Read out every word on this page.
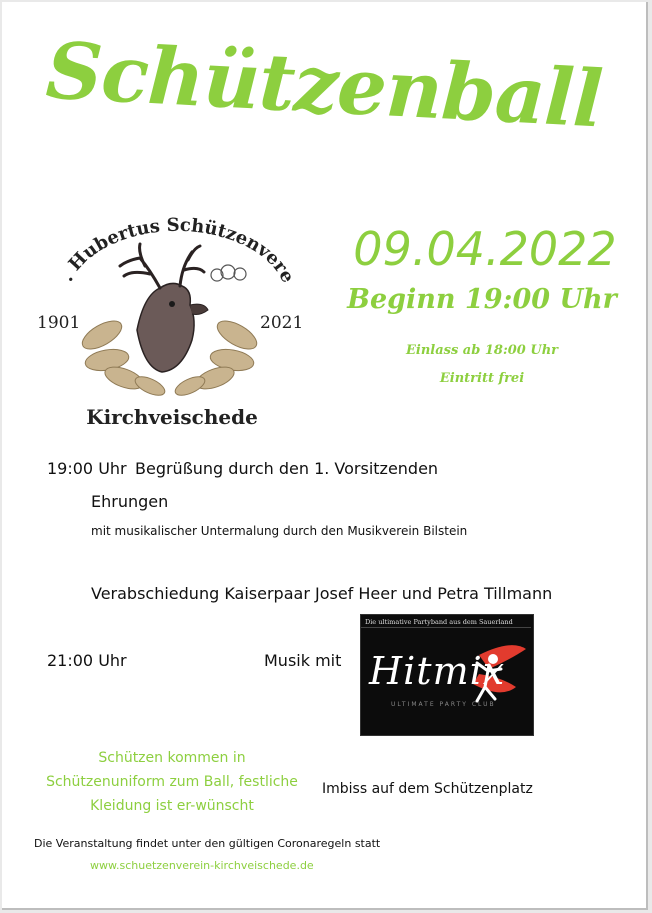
Schützenball
. Hubertus Schützenvere
1901	2021
Kirchveischede
09.04.2022
Beginn 19:00 Uhr
Einlass ab 18:00 Uhr
Eintritt frei
19:00 Uhr Begrüßung durch den 1. Vorsitzenden
Ehrungen
mit musikalischer Untermalung durch den Musikverein Bilstein
Verabschiedung Kaiserpaar Josef Heer und Petra Tillmann
21:00 Uhr	Musik mit
Die ultimative Partyband aus dem Sauerland
Hitmix
ULTIMATE PARTY CLUB
Schützen kommen in Schützenuniform zum Ball, festliche Kleidung ist er-wünscht
Imbiss auf dem Schützenplatz
Die Veranstaltung findet unter den gültigen Coronaregeln statt
www.schuetzenverein-kirchveischede.de
